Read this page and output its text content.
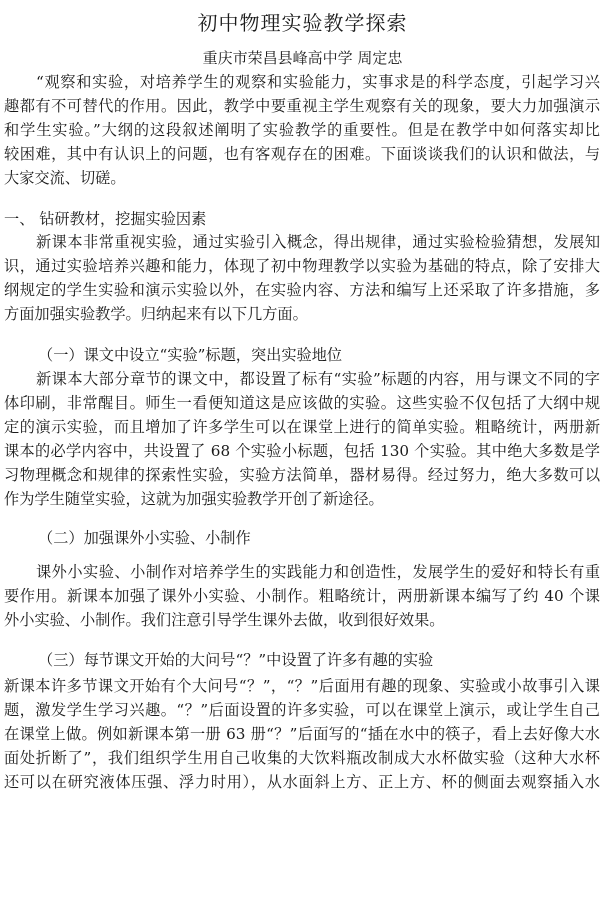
初中物理实验教学探索
重庆市荣昌县峰高中学 周定忠
“观察和实验，对培养学生的观察和实验能力，实事求是的科学态度，引起学习兴
趣都有不可替代的作用。因此，教学中要重视主学生观察有关的现象，要大力加强演示
和学生实验。”大纲的这段叙述阐明了实验教学的重要性。但是在教学中如何落实却比
较困难，其中有认识上的问题，也有客观存在的困难。下面谈谈我们的认识和做法，与
大家交流、切磋。
一、 钻研教材，挖掘实验因素
新课本非常重视实验，通过实验引入概念，得出规律，通过实验检验猜想，发展知
识，通过实验培养兴趣和能力，体现了初中物理教学以实验为基础的特点，除了安排大
纲规定的学生实验和演示实验以外，在实验内容、方法和编写上还采取了许多措施，多
方面加强实验教学。归纳起来有以下几方面。
（一）课文中设立“实验”标题，突出实验地位
新课本大部分章节的课文中，都设置了标有“实验”标题的内容，用与课文不同的字
体印刷，非常醒目。师生一看便知道这是应该做的实验。这些实验不仅包括了大纲中规
定的演示实验，而且增加了许多学生可以在课堂上进行的简单实验。粗略统计，两册新
课本的必学内容中，共设置了 68 个实验小标题，包括 130 个实验。其中绝大多数是学
习物理概念和规律的探索性实验，实验方法简单，器材易得。经过努力，绝大多数可以
作为学生随堂实验，这就为加强实验教学开创了新途径。
（二）加强课外小实验、小制作
课外小实验、小制作对培养学生的实践能力和创造性，发展学生的爱好和特长有重
要作用。新课本加强了课外小实验、小制作。粗略统计，两册新课本编写了约 40 个课
外小实验、小制作。我们注意引导学生课外去做，收到很好效果。
（三）每节课文开始的大问号“？”中设置了许多有趣的实验
新课本许多节课文开始有个大问号“？”，“？”后面用有趣的现象、实验或小故事引入课
题，激发学生学习兴趣。“？”后面设置的许多实验，可以在课堂上演示，或让学生自己
在课堂上做。例如新课本第一册 63 册“？”后面写的“插在水中的筷子，看上去好像大水
面处折断了”，我们组织学生用自己收集的大饮料瓶改制成大水杯做实验（这种大水杯
还可以在研究液体压强、浮力时用），从水面斜上方、正上方、杯的侧面去观察插入水
